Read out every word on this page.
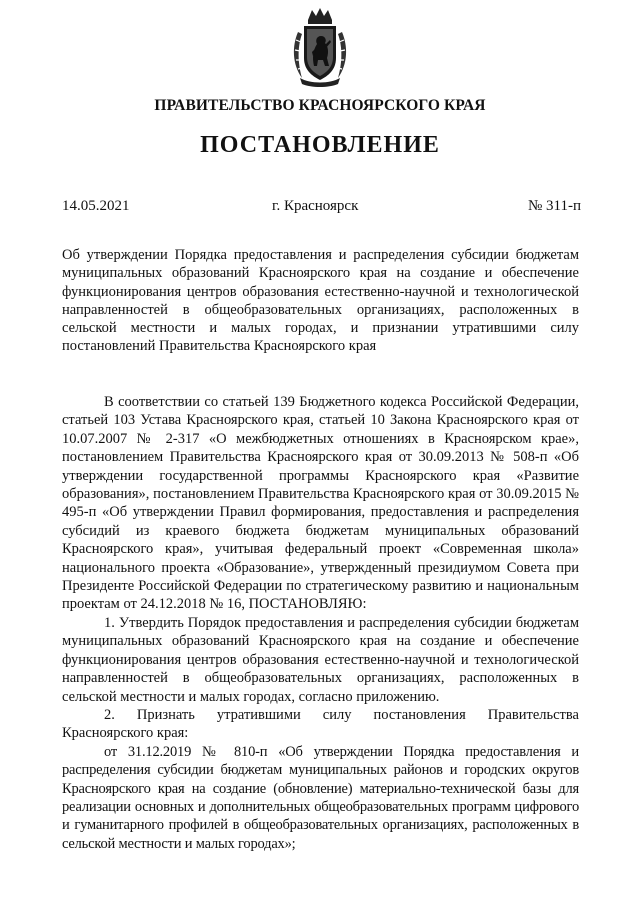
ПРАВИТЕЛЬСТВО КРАСНОЯРСКОГО КРАЯ
ПОСТАНОВЛЕНИЕ
14.05.2021	г. Красноярск	№ 311-п
Об утверждении Порядка предоставления и распределения субсидии бюджетам муниципальных образований Красноярского края на создание и обеспечение функционирования центров образования естественно-научной и технологической направленностей в общеобразовательных организациях, расположенных в сельской местности и малых городах, и признании утратившими силу постановлений Правительства Красноярского края

В соответствии со статьей 139 Бюджетного кодекса Российской Федерации, статьей 103 Устава Красноярского края, статьей 10 Закона Красноярского края от 10.07.2007 № 2-317 «О межбюджетных отношениях в Красноярском крае», постановлением Правительства Красноярского края от 30.09.2013 № 508-п «Об утверждении государственной программы Красноярского края «Развитие образования», постановлением Правительства Красноярского края от 30.09.2015 № 495-п «Об утверждении Правил формирования, предоставления и распределения субсидий из краевого бюджета бюджетам муниципальных образований Красноярского края», учитывая федеральный проект «Современная школа» национального проекта «Образование», утвержденный президиумом Совета при Президенте Российской Федерации по стратегическому развитию и национальным проектам от 24.12.2018 № 16, ПОСТАНОВЛЯЮ:

1. Утвердить Порядок предоставления и распределения субсидии бюджетам муниципальных образований Красноярского края на создание и обеспечение функционирования центров образования естественно-научной и технологической направленностей в общеобразовательных организациях, расположенных в сельской местности и малых городах, согласно приложению.

2. Признать утратившими силу постановления Правительства Красноярского края:

от 31.12.2019 № 810-п «Об утверждении Порядка предоставления и распределения субсидии бюджетам муниципальных районов и городских округов Красноярского края на создание (обновление) материально-технической базы для реализации основных и дополнительных общеобразовательных программ цифрового и гуманитарного профилей в общеобразовательных организациях, расположенных в сельской местности и малых городах»;
